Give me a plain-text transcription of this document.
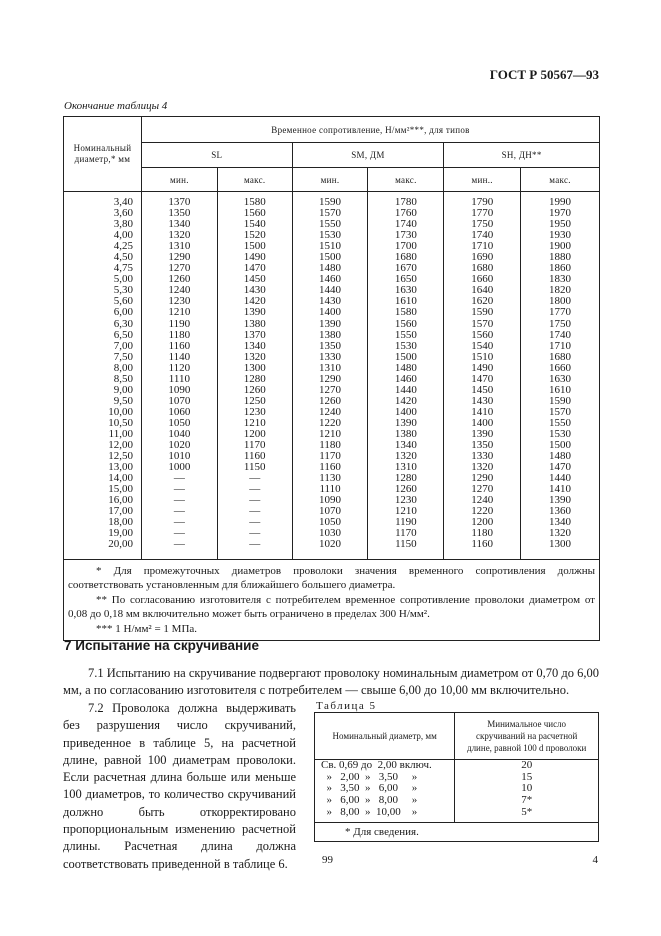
ГОСТ Р 50567—93
Окончание таблицы 4
Номинальный диаметр,* мм	Временное сопротивление, Н/мм²***, для типов					
	SL		SM, ДМ		SH, ДН**	
	мин.	макс.	мин.	макс.	мин..	макс.

3,40	1370	1580	1590	1780	1790	1990
3,60	1350	1560	1570	1760	1770	1970
3,80	1340	1540	1550	1740	1750	1950
4,00	1320	1520	1530	1730	1740	1930
4,25	1310	1500	1510	1700	1710	1900
4,50	1290	1490	1500	1680	1690	1880
4,75	1270	1470	1480	1670	1680	1860
5,00	1260	1450	1460	1650	1660	1830
5,30	1240	1430	1440	1630	1640	1820
5,60	1230	1420	1430	1610	1620	1800
6,00	1210	1390	1400	1580	1590	1770
6,30	1190	1380	1390	1560	1570	1750
6,50	1180	1370	1380	1550	1560	1740
7,00	1160	1340	1350	1530	1540	1710
7,50	1140	1320	1330	1500	1510	1680
8,00	1120	1300	1310	1480	1490	1660
8,50	1110	1280	1290	1460	1470	1630
9,00	1090	1260	1270	1440	1450	1610
9,50	1070	1250	1260	1420	1430	1590
10,00	1060	1230	1240	1400	1410	1570
10,50	1050	1210	1220	1390	1400	1550
11,00	1040	1200	1210	1380	1390	1530
12,00	1020	1170	1180	1340	1350	1500
12,50	1010	1160	1170	1320	1330	1480
13,00	1000	1150	1160	1310	1320	1470
14,00	—	—	1130	1280	1290	1440
15,00	—	—	1110	1260	1270	1410
16,00	—	—	1090	1230	1240	1390
17,00	—	—	1070	1210	1220	1360
18,00	—	—	1050	1190	1200	1340
19,00	—	—	1030	1170	1180	1320
20,00	—	—	1020	1150	1160	1300

* Для промежуточных диаметров проволоки значения временного сопротивления должны соответствовать установленным для ближайшего большего диаметра.

** По согласованию изготовителя с потребителем временное сопротивление проволоки диаметром от 0,08 до 0,18 мм включительно может быть ограничено в пределах 300 Н/мм².

*** 1 Н/мм² = 1 МПа.						

7 Испытание на скручивание

7.1 Испытанию на скручивание подвергают проволоку номинальным диаметром от 0,70 до 6,00 мм, а по согласованию изготовителя с потребителем — свыше 6,00 до 10,00 мм включительно.

7.2 Проволока должна выдерживать без разрушения число скручиваний, приведенное в таблице 5, на расчетной длине, равной 100 диаметрам проволоки. Если расчетная длина больше или меньше 100 диаметров, то количество скручиваний должно быть откорректировано пропорциональным изменению расчетной длины. Расчетная длина должна соответствовать приведенной в таблице 6.

Таблица 5
Номинальный диаметр, мм	Минимальное число скручиваний на расчетной длине, равной 100 d проволоки
Св. 0,69 до  2,00 включ.	20
»   2,00  »   3,50     »	15
»   3,50  »   6,00     »	10
»   6,00  »   8,00     »	7*
»   8,00  »  10,00    »	5*

* Для сведения.	
99	4
